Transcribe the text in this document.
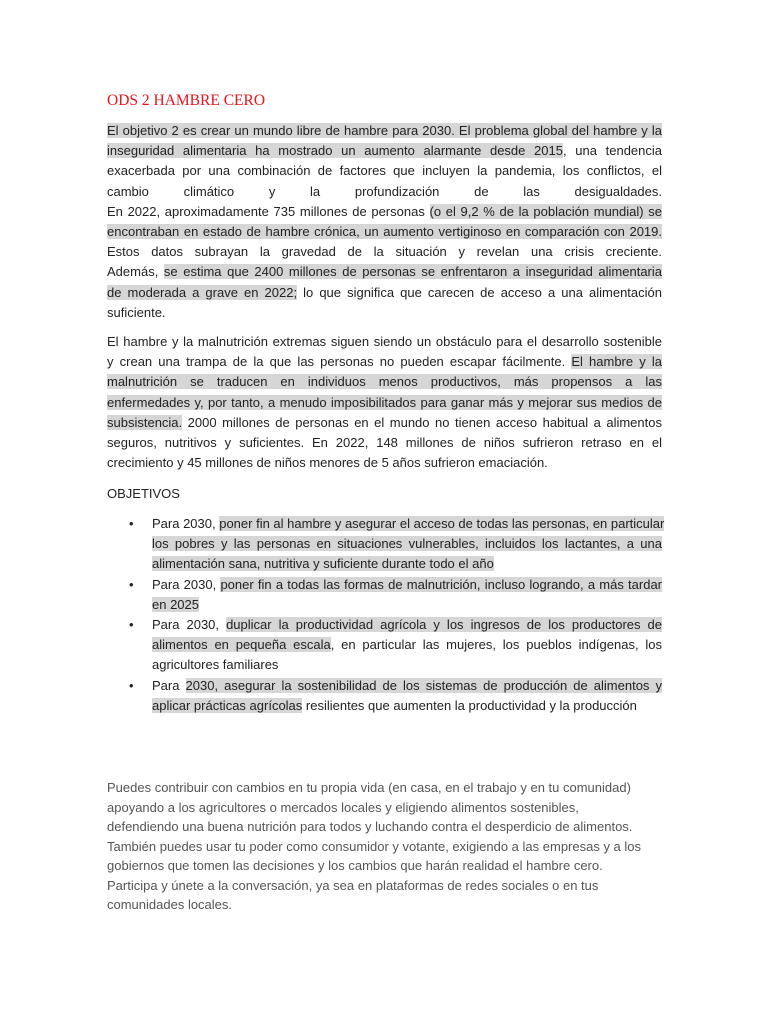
ODS 2 HAMBRE CERO

El objetivo 2 es crear un mundo libre de hambre para 2030. El problema global del hambre y la
inseguridad alimentaria ha mostrado un aumento alarmante desde 2015, una tendencia
exacerbada por una combinación de factores que incluyen la pandemia, los conflictos, el
cambio climático y la profundización de las desigualdades.
En 2022, aproximadamente 735 millones de personas (o el 9,2 % de la población mundial) se
encontraban en estado de hambre crónica, un aumento vertiginoso en comparación con 2019.
Estos datos subrayan la gravedad de la situación y revelan una crisis creciente.
Además, se estima que 2400 millones de personas se enfrentaron a inseguridad alimentaria
de moderada a grave en 2022; lo que significa que carecen de acceso a una alimentación
suficiente.

El hambre y la malnutrición extremas siguen siendo un obstáculo para el desarrollo sostenible
y crean una trampa de la que las personas no pueden escapar fácilmente. El hambre y la
malnutrición se traducen en individuos menos productivos, más propensos a las
enfermedades y, por tanto, a menudo imposibilitados para ganar más y mejorar sus medios de
subsistencia. 2000 millones de personas en el mundo no tienen acceso habitual a alimentos
seguros, nutritivos y suficientes. En 2022, 148 millones de niños sufrieron retraso en el
crecimiento y 45 millones de niños menores de 5 años sufrieron emaciación.

OBJETIVOS

• Para 2030, poner fin al hambre y asegurar el acceso de todas las personas, en particular
los pobres y las personas en situaciones vulnerables, incluidos los lactantes, a una
alimentación sana, nutritiva y suficiente durante todo el año
• Para 2030, poner fin a todas las formas de malnutrición, incluso logrando, a más tardar
en 2025
• Para 2030, duplicar la productividad agrícola y los ingresos de los productores de
alimentos en pequeña escala, en particular las mujeres, los pueblos indígenas, los
agricultores familiares
• Para 2030, asegurar la sostenibilidad de los sistemas de producción de alimentos y
aplicar prácticas agrícolas resilientes que aumenten la productividad y la producción

Puedes contribuir con cambios en tu propia vida (en casa, en el trabajo y en tu comunidad)
apoyando a los agricultores o mercados locales y eligiendo alimentos sostenibles,
defendiendo una buena nutrición para todos y luchando contra el desperdicio de alimentos.
También puedes usar tu poder como consumidor y votante, exigiendo a las empresas y a los
gobiernos que tomen las decisiones y los cambios que harán realidad el hambre cero.
Participa y únete a la conversación, ya sea en plataformas de redes sociales o en tus
comunidades locales.
